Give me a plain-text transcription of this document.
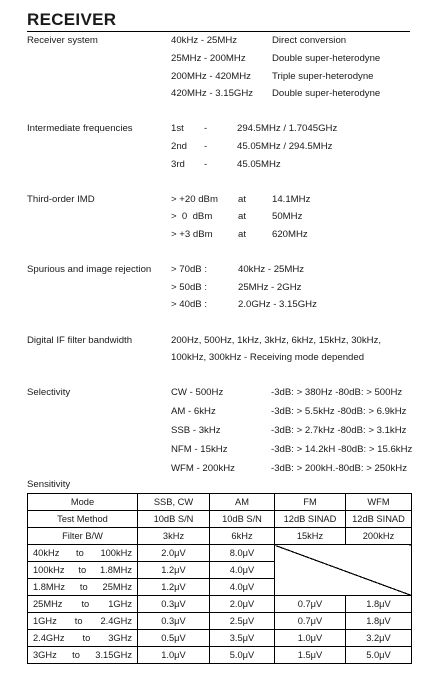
RECEIVER
Receiver system	40kHz - 25MHz	Direct conversion
25MHz - 200MHz	Double super-heterodyne
200MHz - 420MHz Triple super-heterodyne
420MHz - 3.15GHz Double super-heterodyne
Intermediate frequencies	1st -	294.5MHz / 1.7045GHz
2nd -	45.05MHz / 294.5MHz
3rd -	45.05MHz
Third-order IMD	> +20 dBm at	14.1MHz
>  0  dBm	at	50MHz
> +3 dBm	at	620MHz
Spurious and image rejection > 70dB :	40kHz - 25MHz
> 50dB :	25MHz - 2GHz
> 40dB :	2.0GHz - 3.15GHz
Digital IF filter bandwidth	200Hz, 500Hz, 1kHz, 3kHz, 6kHz, 15kHz, 30kHz,
100kHz, 300kHz - Receiving mode depended
Selectivity	CW - 500Hz	-3dB: > 380Hz -80dB: > 500Hz
AM - 6kHz	-3dB: > 5.5kHz -80dB: > 6.9kHz
SSB - 3kHz	-3dB: > 2.7kHz -80dB: > 3.1kHz
NFM - 15kHz	-3dB: > 14.2kH -80dB: > 15.6kHz
WFM - 200kHz	-3dB: > 200kH.-80dB: > 250kHz
Sensitivity
Mode	SSB, CW	AM	FM	WFM
Test Method	10dB S/N	10dB S/N	12dB SINAD	12dB SINAD
Filter B/W	3kHz	6kHz	15kHz	200kHz

40kHz to 100kHz	2.0μV	8.0μV		

100kHz to 1.8MHz	1.2μV	4.0μV		

1.8MHz to 25MHz	1.2μV	4.0μV		

25MHz to 1GHz	0.3μV	2.0μV	0.7μV	1.8μV

1GHz to 2.4GHz	0.3μV	2.5μV	0.7μV	1.8μV

2.4GHz to 3GHz	0.5μV	3.5μV	1.0μV	3.2μV

3GHz to 3.15GHz	1.0μV	5.0μV	1.5μV	5.0μV
